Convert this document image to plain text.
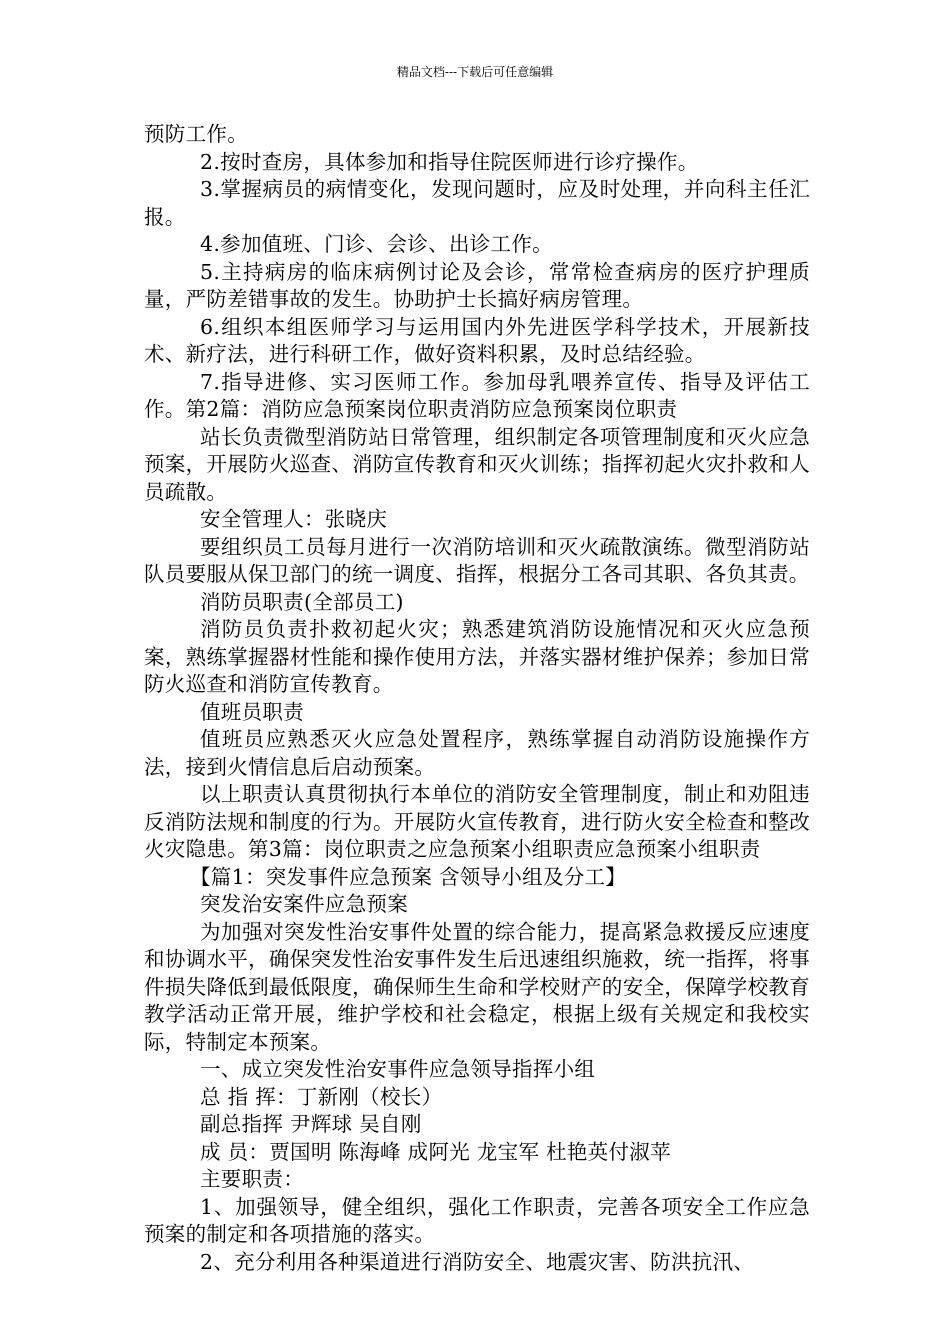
精品文档---下载后可任意编辑

预防工作。

2.按时查房，具体参加和指导住院医师进行诊疗操作。

3.掌握病员的病情变化，发现问题时，应及时处理，并向科主任汇报。

4.参加值班、门诊、会诊、出诊工作。

5.主持病房的临床病例讨论及会诊，常常检查病房的医疗护理质量，严防差错事故的发生。协助护士长搞好病房管理。

6.组织本组医师学习与运用国内外先进医学科学技术，开展新技术、新疗法，进行科研工作，做好资料积累，及时总结经验。

7.指导进修、实习医师工作。参加母乳喂养宣传、指导及评估工作。第2篇：消防应急预案岗位职责消防应急预案岗位职责

站长负责微型消防站日常管理，组织制定各项管理制度和灭火应急预案，开展防火巡查、消防宣传教育和灭火训练；指挥初起火灾扑救和人员疏散。

安全管理人：张晓庆

要组织员工员每月进行一次消防培训和灭火疏散演练。微型消防站队员要服从保卫部门的统一调度、指挥，根据分工各司其职、各负其责。

消防员职责(全部员工)

消防员负责扑救初起火灾；熟悉建筑消防设施情况和灭火应急预案，熟练掌握器材性能和操作使用方法，并落实器材维护保养；参加日常防火巡查和消防宣传教育。

值班员职责

值班员应熟悉灭火应急处置程序，熟练掌握自动消防设施操作方法，接到火情信息后启动预案。

以上职责认真贯彻执行本单位的消防安全管理制度，制止和劝阻违反消防法规和制度的行为。开展防火宣传教育，进行防火安全检查和整改火灾隐患。第3篇：岗位职责之应急预案小组职责应急预案小组职责

【篇1：突发事件应急预案 含领导小组及分工】

突发治安案件应急预案

为加强对突发性治安事件处置的综合能力，提高紧急救援反应速度和协调水平，确保突发性治安事件发生后迅速组织施救，统一指挥，将事件损失降低到最低限度，确保师生生命和学校财产的安全，保障学校教育教学活动正常开展，维护学校和社会稳定，根据上级有关规定和我校实际，特制定本预案。

一、成立突发性治安事件应急领导指挥小组

总 指 挥：丁新刚（校长）

副总指挥 尹辉球 吴自刚

成 员：贾国明 陈海峰 成阿光 龙宝军 杜艳英付淑苹

主要职责：

1、加强领导，健全组织，强化工作职责，完善各项安全工作应急预案的制定和各项措施的落实。

2、充分利用各种渠道进行消防安全、地震灾害、防洪抗汛、
